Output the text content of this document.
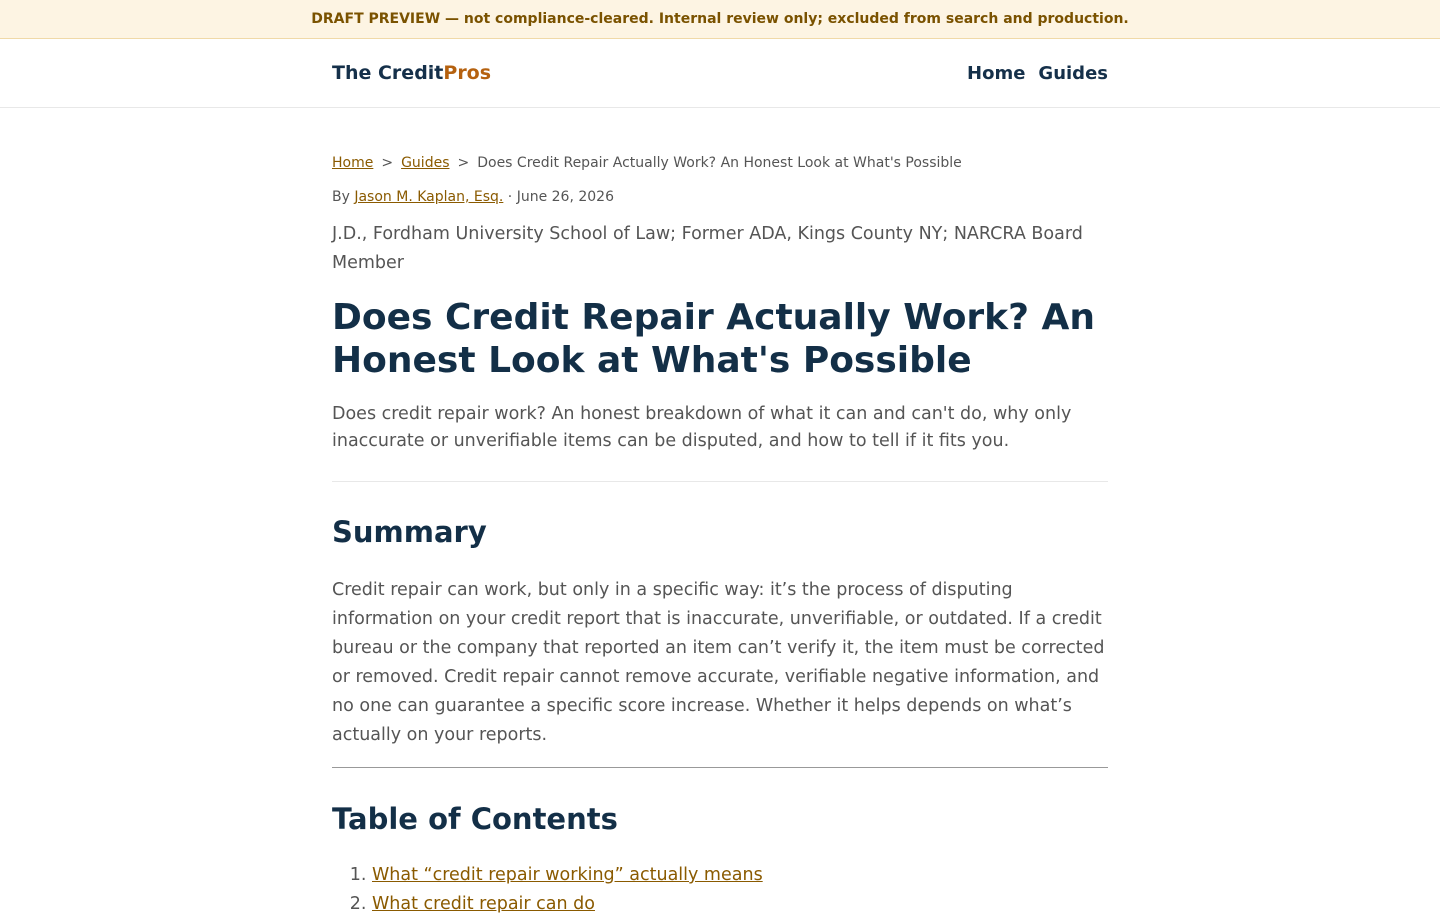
DRAFT PREVIEW — not compliance-cleared. Internal review only; excluded from search and production.
The CreditPros	Home Guides
Home > Guides > Does Credit Repair Actually Work? An Honest Look at What's Possible
By Jason M. Kaplan, Esq. · June 26, 2026
J.D., Fordham University School of Law; Former ADA, Kings County NY; NARCRA Board Member
Does Credit Repair Actually Work? An Honest Look at What's Possible

Does credit repair work? An honest breakdown of what it can and can't do, why only inaccurate or unverifiable items can be disputed, and how to tell if it fits you.

Summary

Credit repair can work, but only in a specific way: it’s the process of disputing information on your credit report that is inaccurate, unverifiable, or outdated. If a credit bureau or the company that reported an item can’t verify it, the item must be corrected or removed. Credit repair cannot remove accurate, verifiable negative information, and no one can guarantee a specific score increase. Whether it helps depends on what’s actually on your reports.

Table of Contents
1. What “credit repair working” actually means
2. What credit repair can do
